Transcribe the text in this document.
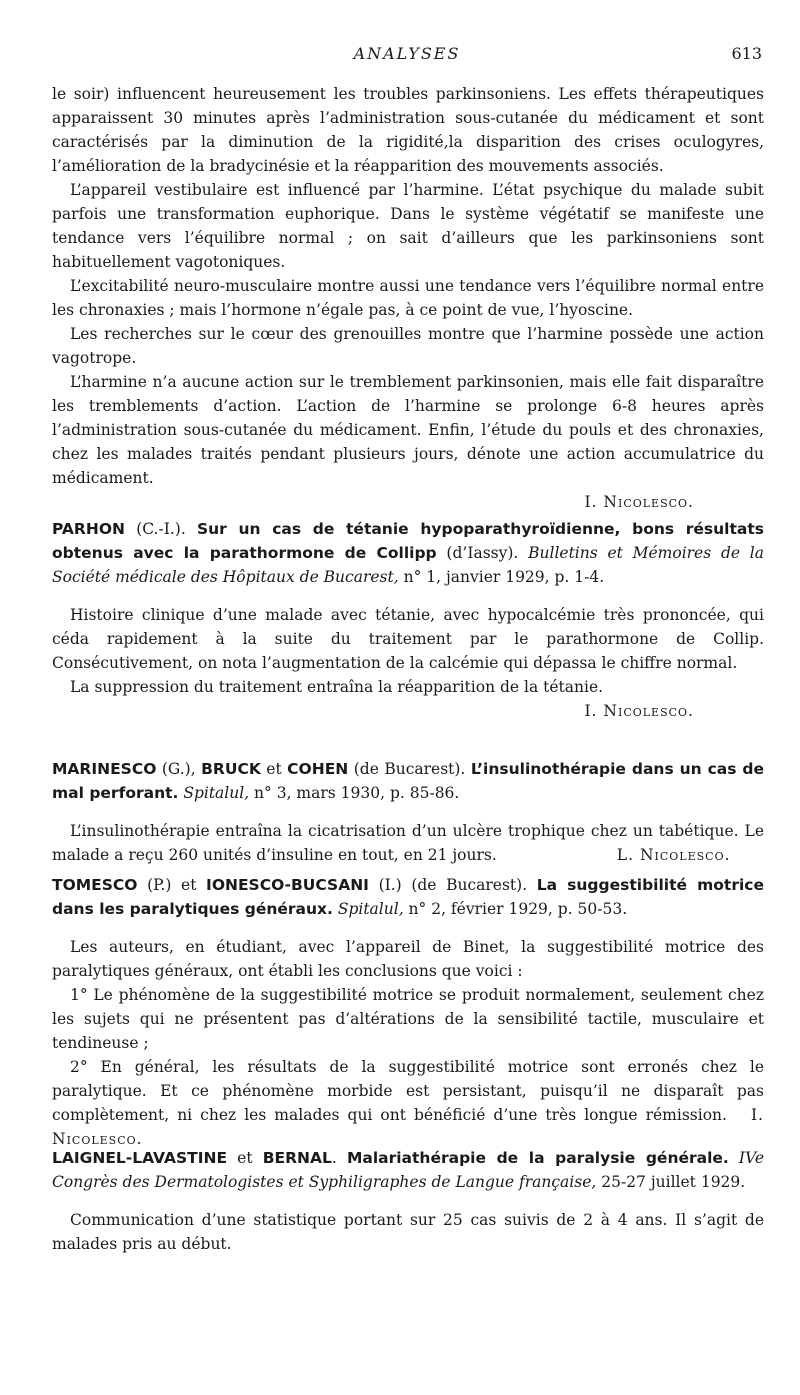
ANALYSES	613

le soir) influencent heureusement les troubles parkinsoniens. Les effets thérapeutiques apparaissent 30 minutes après l’administration sous-cutanée du médicament et sont caractérisés par la diminution de la rigidité,la disparition des crises oculogyres, l’amélioration de la bradycinésie et la réapparition des mouvements associés.

L’appareil vestibulaire est influencé par l’harmine. L’état psychique du malade subit parfois une transformation euphorique. Dans le système végétatif se manifeste une tendance vers l’équilibre normal ; on sait d’ailleurs que les parkinsoniens sont habituellement vagotoniques.

L’excitabilité neuro-musculaire montre aussi une tendance vers l’équilibre normal entre les chronaxies ; mais l’hormone n’égale pas, à ce point de vue, l’hyoscine.

Les recherches sur le cœur des grenouilles montre que l’harmine possède une action vagotrope.

L’harmine n’a aucune action sur le tremblement parkinsonien, mais elle fait disparaître les tremblements d’action. L’action de l’harmine se prolonge 6-8 heures après l’administration sous-cutanée du médicament. Enfin, l’étude du pouls et des chronaxies, chez les malades traités pendant plusieurs jours, dénote une action accumulatrice du médicament.

I. Nicolesco.

PARHON (C.-I.). Sur un cas de tétanie hypoparathyroïdienne, bons résultats obtenus avec la parathormone de Collipp (d’Iassy). Bulletins et Mémoires de la Société médicale des Hôpitaux de Bucarest, n° 1, janvier 1929, p. 1-4.

Histoire clinique d’une malade avec tétanie, avec hypocalcémie très prononcée, qui céda rapidement à la suite du traitement par le parathormone de Collip. Consécutivement, on nota l’augmentation de la calcémie qui dépassa le chiffre normal.

La suppression du traitement entraîna la réapparition de la tétanie.

I. Nicolesco.

MARINESCO (G.), BRUCK et COHEN (de Bucarest). L’insulinothérapie dans un cas de mal perforant. Spitalul, n° 3, mars 1930, p. 85-86.

L’insulinothérapie entraîna la cicatrisation d’un ulcère trophique chez un tabétique. Le malade a reçu 260 unités d’insuline en tout, en 21 jours.	L. Nicolesco.

TOMESCO (P.) et IONESCO-BUCSANI (I.) (de Bucarest). La suggestibilité motrice dans les paralytiques généraux. Spitalul, n° 2, février 1929, p. 50-53.

Les auteurs, en étudiant, avec l’appareil de Binet, la suggestibilité motrice des paralytiques généraux, ont établi les conclusions que voici :

1° Le phénomène de la suggestibilité motrice se produit normalement, seulement chez les sujets qui ne présentent pas d’altérations de la sensibilité tactile, musculaire et tendineuse ;

2° En général, les résultats de la suggestibilité motrice sont erronés chez le paralytique. Et ce phénomène morbide est persistant, puisqu’il ne disparaît pas complètement, ni chez les malades qui ont bénéficié d’une très longue rémission. I. Nicolesco.

LAIGNEL-LAVASTINE et BERNAL. Malariathérapie de la paralysie générale. IVe Congrès des Dermatologistes et Syphiligraphes de Langue française, 25-27 juillet 1929.

Communication d’une statistique portant sur 25 cas suivis de 2 à 4 ans. Il s’agit de malades pris au début.
